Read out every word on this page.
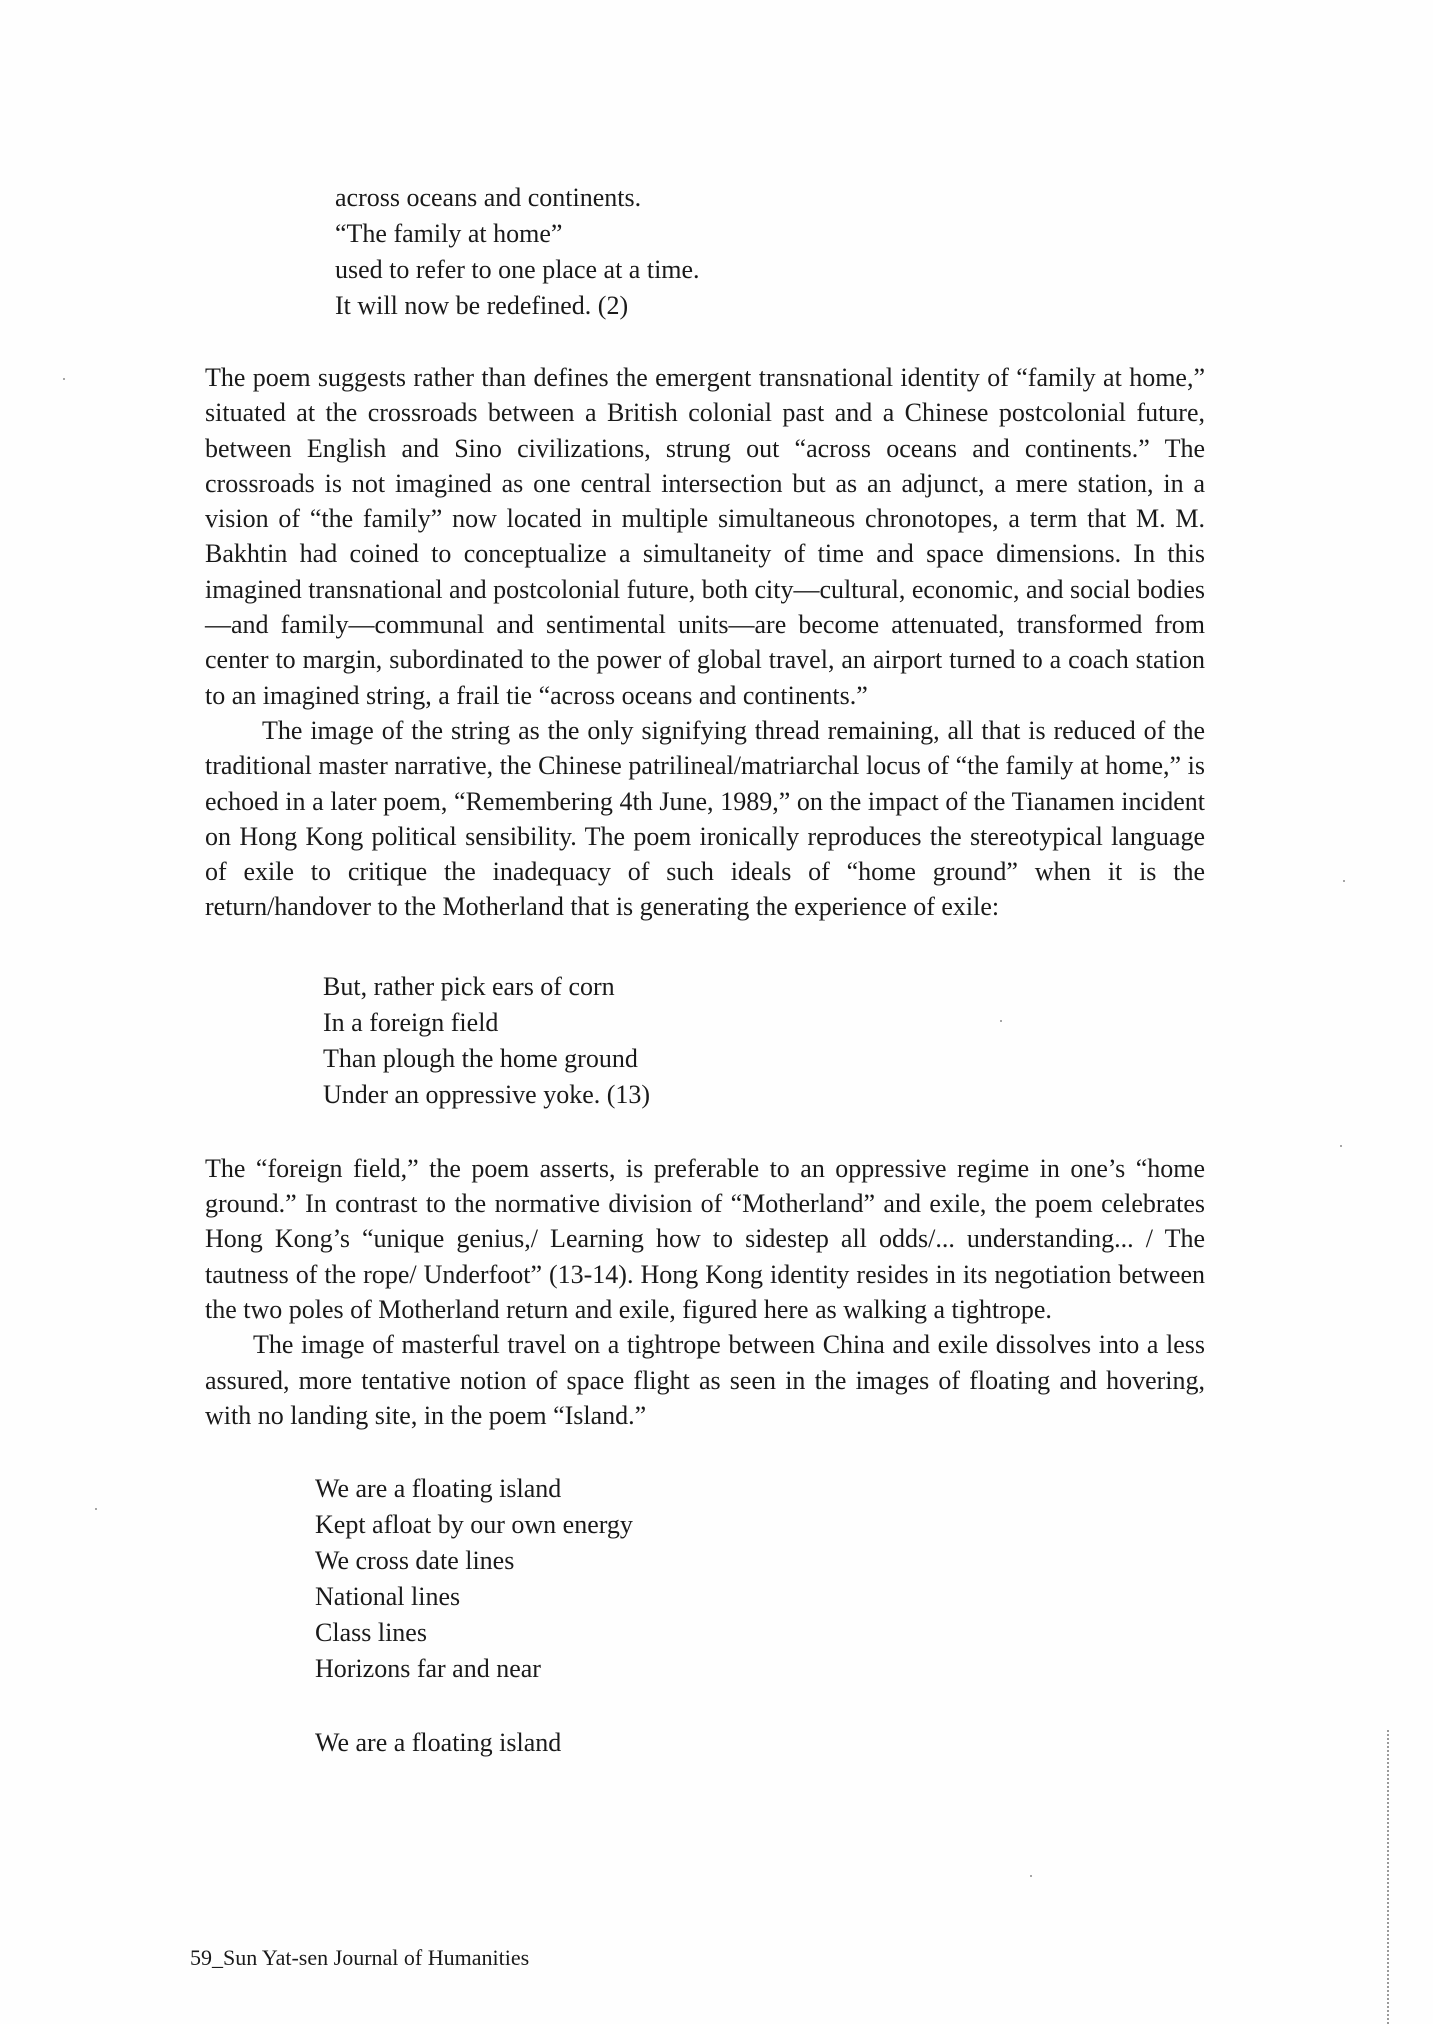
across oceans and continents.
“The family at home”
used to refer to one place at a time.
It will now be redefined. (2)

The poem suggests rather than defines the emergent transnational identity of “family at home,” situated at the crossroads between a British colonial past and a Chinese postcolonial future, between English and Sino civilizations, strung out “across oceans and continents.” The crossroads is not imagined as one central intersection but as an adjunct, a mere station, in a vision of “the family” now located in multiple simultaneous chronotopes, a term that M. M. Bakhtin had coined to conceptualize a simultaneity of time and space dimensions. In this imagined transnational and postcolonial future, both city—cultural, economic, and social bodies—and family—communal and sentimental units—are become attenuated, transformed from center to margin, subordinated to the power of global travel, an airport turned to a coach station to an imagined string, a frail tie “across oceans and continents.”

The image of the string as the only signifying thread remaining, all that is reduced of the traditional master narrative, the Chinese patrilineal/matriarchal locus of “the family at home,” is echoed in a later poem, “Remembering 4th June, 1989,” on the impact of the Tianamen incident on Hong Kong political sensibility. The poem ironically reproduces the stereotypical language of exile to critique the inadequacy of such ideals of “home ground” when it is the return/handover to the Motherland that is generating the experience of exile:

But, rather pick ears of corn
In a foreign field
Than plough the home ground
Under an oppressive yoke. (13)

The “foreign field,” the poem asserts, is preferable to an oppressive regime in one’s “home ground.” In contrast to the normative division of “Motherland” and exile, the poem celebrates Hong Kong’s “unique genius,/ Learning how to sidestep all odds/... understanding... / The tautness of the rope/ Underfoot” (13-14). Hong Kong identity resides in its negotiation between the two poles of Motherland return and exile, figured here as walking a tightrope.

The image of masterful travel on a tightrope between China and exile dissolves into a less assured, more tentative notion of space flight as seen in the images of floating and hovering, with no landing site, in the poem “Island.”

We are a floating island
Kept afloat by our own energy
We cross date lines
National lines
Class lines
Horizons far and near
We are a floating island
59_Sun Yat-sen Journal of Humanities
